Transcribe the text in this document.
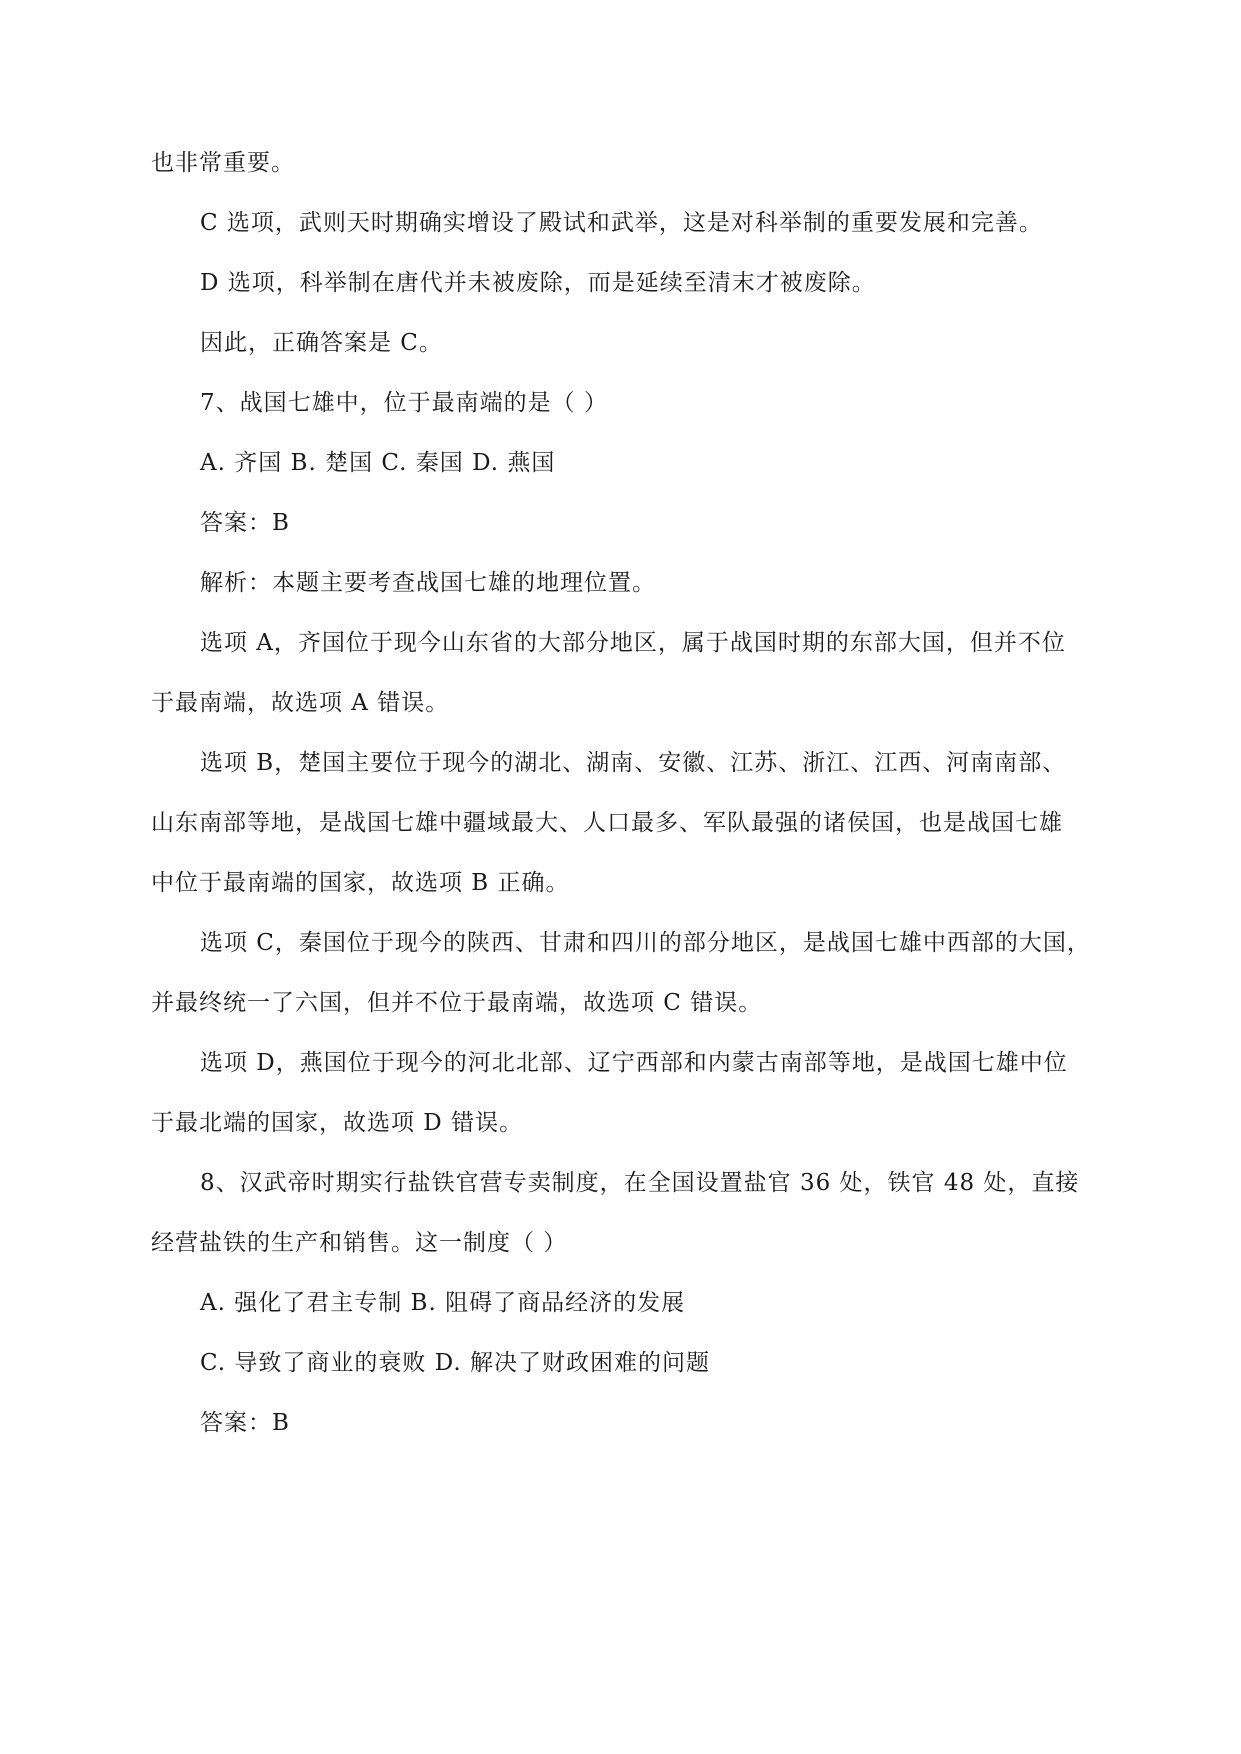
也非常重要。
C 选项，武则天时期确实增设了殿试和武举，这是对科举制的重要发展和完善。
D 选项，科举制在唐代并未被废除，而是延续至清末才被废除。
因此，正确答案是 C。
7、战国七雄中，位于最南端的是（ ）
A. 齐国 B. 楚国 C. 秦国 D. 燕国
答案：B
解析：本题主要考查战国七雄的地理位置。
选项 A，齐国位于现今山东省的大部分地区，属于战国时期的东部大国，但并不位
于最南端，故选项 A 错误。
选项 B，楚国主要位于现今的湖北、湖南、安徽、江苏、浙江、江西、河南南部、
山东南部等地，是战国七雄中疆域最大、人口最多、军队最强的诸侯国，也是战国七雄
中位于最南端的国家，故选项 B 正确。
选项 C，秦国位于现今的陕西、甘肃和四川的部分地区，是战国七雄中西部的大国，
并最终统一了六国，但并不位于最南端，故选项 C 错误。
选项 D，燕国位于现今的河北北部、辽宁西部和内蒙古南部等地，是战国七雄中位
于最北端的国家，故选项 D 错误。
8、汉武帝时期实行盐铁官营专卖制度，在全国设置盐官 36 处，铁官 48 处，直接
经营盐铁的生产和销售。这一制度（ ）
A. 强化了君主专制 B. 阻碍了商品经济的发展
C. 导致了商业的衰败 D. 解决了财政困难的问题
答案：B
